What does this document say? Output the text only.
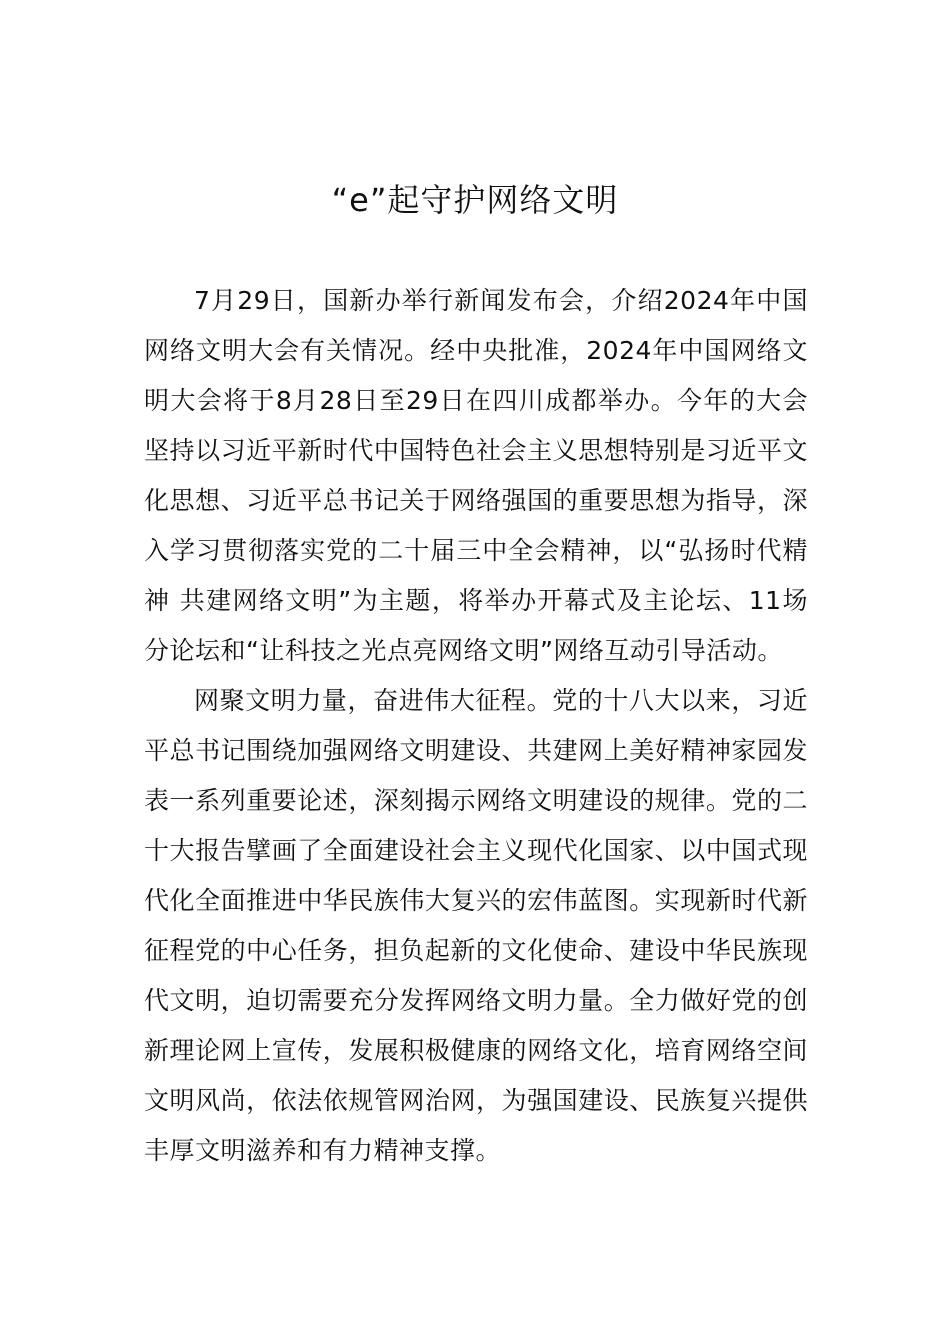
“e”起守护网络文明

7月29日，国新办举行新闻发布会，介绍2024年中国网络文明大会有关情况。经中央批准，2024年中国网络文明大会将于8月28日至29日在四川成都举办。今年的大会坚持以习近平新时代中国特色社会主义思想特别是习近平文化思想、习近平总书记关于网络强国的重要思想为指导，深入学习贯彻落实党的二十届三中全会精神，以“弘扬时代精神 共建网络文明”为主题，将举办开幕式及主论坛、11场分论坛和“让科技之光点亮网络文明”网络互动引导活动。

网聚文明力量，奋进伟大征程。党的十八大以来，习近平总书记围绕加强网络文明建设、共建网上美好精神家园发表一系列重要论述，深刻揭示网络文明建设的规律。党的二十大报告擘画了全面建设社会主义现代化国家、以中国式现代化全面推进中华民族伟大复兴的宏伟蓝图。实现新时代新征程党的中心任务，担负起新的文化使命、建设中华民族现代文明，迫切需要充分发挥网络文明力量。全力做好党的创新理论网上宣传，发展积极健康的网络文化，培育网络空间文明风尚，依法依规管网治网，为强国建设、民族复兴提供丰厚文明滋养和有力精神支撑。
